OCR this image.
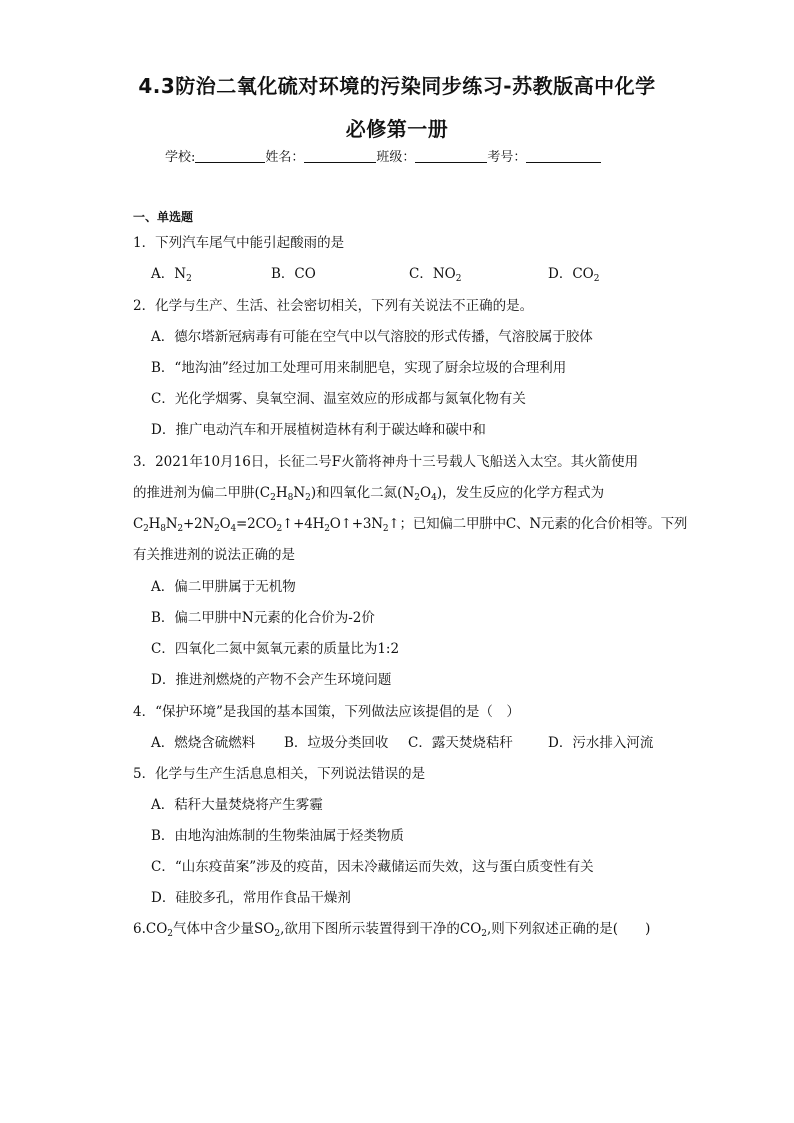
4.3防治二氧化硫对环境的污染同步练习-苏教版高中化学
必修第一册
学校:	姓名：	班级：	考号：
一、单选题
1．下列汽车尾气中能引起酸雨的是
A．$N_2$	B．CO	C．$NO_2$	D．$CO_2$
2．化学与生产、生活、社会密切相关，下列有关说法不正确的是。
A．德尔塔新冠病毒有可能在空气中以气溶胶的形式传播，气溶胶属于胶体
B．“地沟油”经过加工处理可用来制肥皂，实现了厨余垃圾的合理利用
C．光化学烟雾、臭氧空洞、温室效应的形成都与氮氧化物有关
D．推广电动汽车和开展植树造林有利于碳达峰和碳中和
3．2021年10月16日，长征二号F火箭将神舟十三号载人飞船送入太空。其火箭使用
的推进剂为偏二甲肼$(C_2H_8N_2)$和四氧化二氮$(N_2O_4)$，发生反应的化学方程式为
$C_2H_8N_2+2N_2O_4=2CO_2↑+4H_2O↑+3N_2↑$；已知偏二甲肼中C、N元素的化合价相等。下列
有关推进剂的说法正确的是
A．偏二甲肼属于无机物
B．偏二甲肼中N元素的化合价为-2价
C．四氧化二氮中氮氧元素的质量比为1:2
D．推进剂燃烧的产物不会产生环境问题
4．“保护环境”是我国的基本国策，下列做法应该提倡的是（　）
A．燃烧含硫燃料 B．垃圾分类回收 C．露天焚烧秸秆	D．污水排入河流
5．化学与生产生活息息相关，下列说法错误的是
A．秸秆大量焚烧将产生雾霾
B．由地沟油炼制的生物柴油属于烃类物质
C．“山东疫苗案”涉及的疫苗，因未冷藏储运而失效，这与蛋白质变性有关
D．硅胶多孔，常用作食品干燥剂
$6.CO_2$气体中含少量$SO_2$,欲用下图所示装置得到干净的$CO_2$,则下列叙述正确的是(　　)
